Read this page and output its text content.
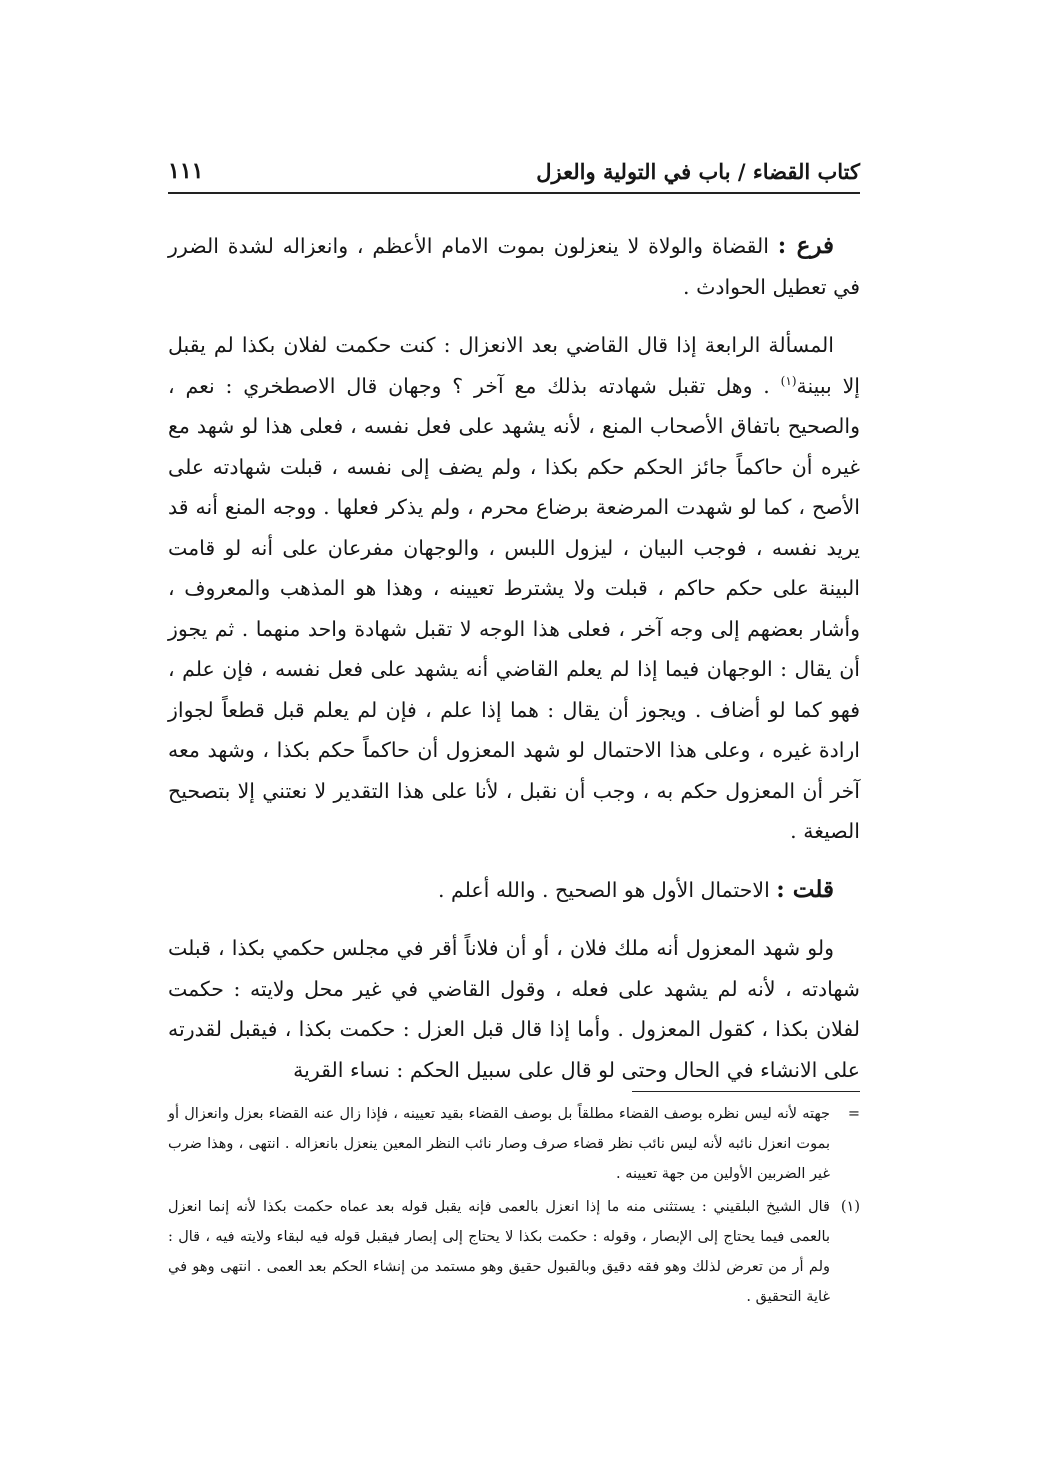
١١١	كتاب القضاء / باب في التولية والعزل

فرع : القضاة والولاة لا ينعزلون بموت الامام الأعظم ، وانعزاله لشدة الضرر في تعطيل الحوادث .

المسألة الرابعة إذا قال القاضي بعد الانعزال : كنت حكمت لفلان بكذا لم يقبل إلا ببينة$^{(١)}$ . وهل تقبل شهادته بذلك مع آخر ؟ وجهان قال الاصطخري : نعم ، والصحيح باتفاق الأصحاب المنع ، لأنه يشهد على فعل نفسه ، فعلى هذا لو شهد مع غيره أن حاكماً جائز الحكم حكم بكذا ، ولم يضف إلى نفسه ، قبلت شهادته على الأصح ، كما لو شهدت المرضعة برضاع محرم ، ولم يذكر فعلها . ووجه المنع أنه قد يريد نفسه ، فوجب البيان ، ليزول اللبس ، والوجهان مفرعان على أنه لو قامت البينة على حكم حاكم ، قبلت ولا يشترط تعيينه ، وهذا هو المذهب والمعروف ، وأشار بعضهم إلى وجه آخر ، فعلى هذا الوجه لا تقبل شهادة واحد منهما . ثم يجوز أن يقال : الوجهان فيما إذا لم يعلم القاضي أنه يشهد على فعل نفسه ، فإن علم ، فهو كما لو أضاف . ويجوز أن يقال : هما إذا علم ، فإن لم يعلم قبل قطعاً لجواز ارادة غيره ، وعلى هذا الاحتمال لو شهد المعزول أن حاكماً حكم بكذا ، وشهد معه آخر أن المعزول حكم به ، وجب أن نقبل ، لأنا على هذا التقدير لا نعتني إلا بتصحيح الصيغة .

قلت : الاحتمال الأول هو الصحيح . والله أعلم .

ولو شهد المعزول أنه ملك فلان ، أو أن فلاناً أقر في مجلس حكمي بكذا ، قبلت شهادته ، لأنه لم يشهد على فعله ، وقول القاضي في غير محل ولايته : حكمت لفلان بكذا ، كقول المعزول . وأما إذا قال قبل العزل : حكمت بكذا ، فيقبل لقدرته على الانشاء في الحال وحتى لو قال على سبيل الحكم : نساء القرية

=
جهته لأنه ليس نظره بوصف القضاء مطلقاً بل بوصف القضاء بقيد تعيينه ، فإذا زال عنه القضاء بعزل وانعزال أو بموت انعزل نائبه لأنه ليس نائب نظر قضاء صرف وصار نائب النظر المعين ينعزل بانعزاله . انتهى ، وهذا ضرب غير الضربين الأولين من جهة تعيينه .
(١)
قال الشيخ البلقيني : يستثنى منه ما إذا انعزل بالعمى فإنه يقبل قوله بعد عماه حكمت بكذا لأنه إنما انعزل بالعمى فيما يحتاج إلى الإبصار ، وقوله : حكمت بكذا لا يحتاج إلى إبصار فيقبل قوله فيه لبقاء ولايته فيه ، قال : ولم أر من تعرض لذلك وهو فقه دقيق وبالقبول حقيق وهو مستمد من إنشاء الحكم بعد العمى . انتهى وهو في غاية التحقيق .
